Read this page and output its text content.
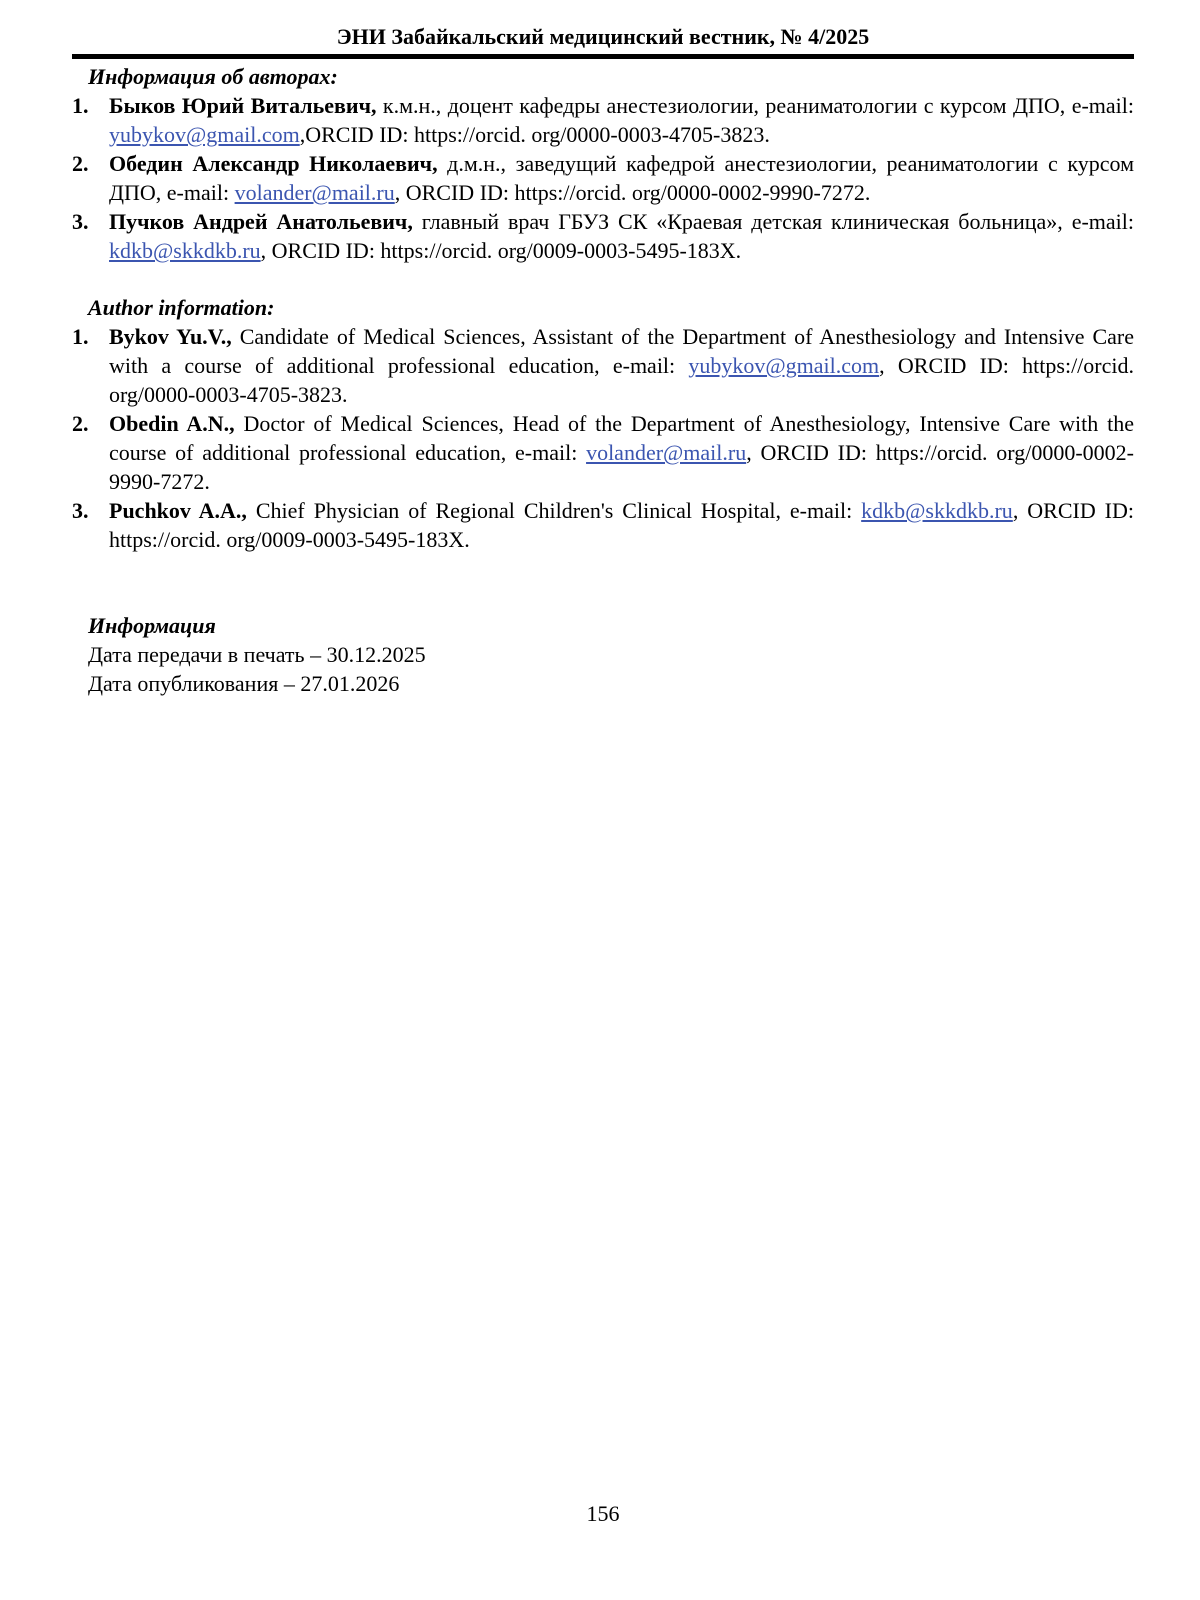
ЭНИ Забайкальский медицинский вестник, № 4/2025
Информация об авторах:
1. Быков Юрий Витальевич, к.м.н., доцент кафедры анестезиологии, реаниматологии с курсом ДПО, e-mail: yubykov@gmail.com,ORCID ID: https://orcid. org/0000-0003-4705-3823.
2. Обедин Александр Николаевич, д.м.н., заведущий кафедрой анестезиологии, реаниматологии с курсом ДПО, e-mail: volander@mail.ru, ORCID ID: https://orcid. org/0000-0002-9990-7272.
3. Пучков Андрей Анатольевич, главный врач ГБУЗ СК «Краевая детская клиническая больница», e-mail: kdkb@skkdkb.ru, ORCID ID: https://orcid. org/0009-0003-5495-183X.
Author information:
1. Bykov Yu.V., Candidate of Medical Sciences, Assistant of the Department of Anesthesiology and Intensive Care with a course of additional professional education, e-mail: yubykov@gmail.com, ORCID ID: https://orcid. org/0000-0003-4705-3823.
2. Obedin A.N., Doctor of Medical Sciences, Head of the Department of Anesthesiology, Intensive Care with the course of additional professional education, e-mail: volander@mail.ru, ORCID ID: https://orcid. org/0000-0002-9990-7272.
3. Puchkov A.A., Chief Physician of Regional Children's Clinical Hospital, e-mail: kdkb@skkdkb.ru, ORCID ID: https://orcid. org/0009-0003-5495-183X.
Информация
Дата передачи в печать – 30.12.2025
Дата опубликования – 27.01.2026
156
